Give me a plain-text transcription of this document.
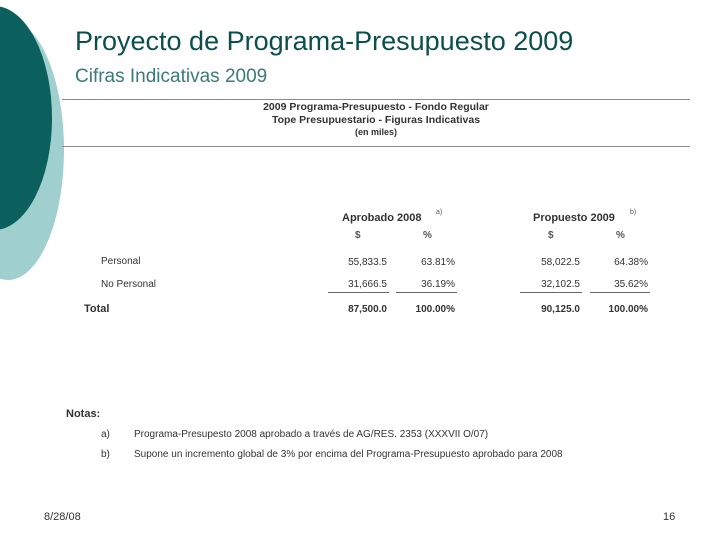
Proyecto de Programa-Presupuesto 2009
Cifras Indicativas 2009
2009 Programa-Presupuesto - Fondo Regular
Tope Presupuestario - Figuras Indicativas
(en miles)
Aprobado 2008 a)	Propuesto 2009 b)
$	%	$	%
Personal	55,833.5	63.81%	58,022.5	64.38%
No Personal	31,666.5	36.19%	32,102.5	35.62%
Total	87,500.0	100.00%	90,125.0	100.00%
Notas:
a) Programa-Presupesto 2008 aprobado a través de AG/RES. 2353 (XXXVII O/07)
b) Supone un incremento global de 3% por encima del Programa-Presupuesto aprobado para 2008
8/28/08	16
